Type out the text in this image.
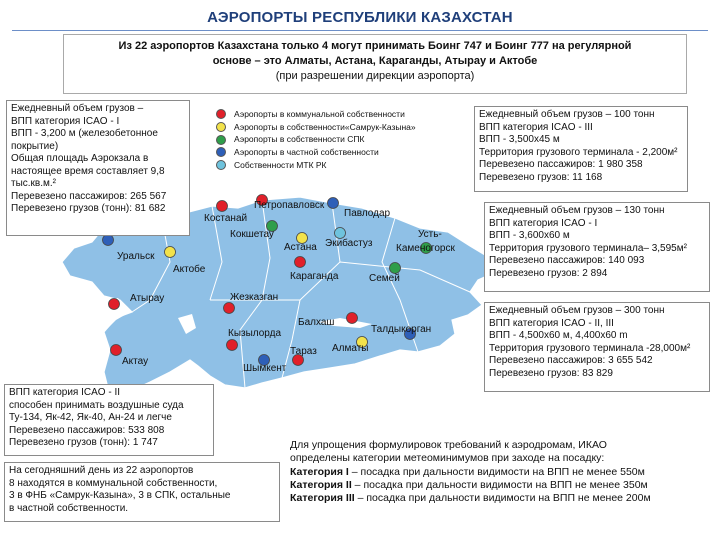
АЭРОПОРТЫ РЕСПУБЛИКИ КАЗАХСТАН
Из 22 аэропортов Казахстана только 4 могут принимать Боинг 747 и Боинг 777 на регулярной
основе – это Алматы, Астана, Караганды, Атырау и Актобе
(при разрешении дирекции аэропорта)
Петропавловск
Костанай
Кокшетау
Павлодар
Экибастуз
Усть-
Каменогорск
Астана
Уральск
Актобе
Караганда	Семей
Атырау	Жезказган
Балхаш
Кызылорда	Талдыкорган
Тараз Алматы
Актау
Шымкент
Аэропорты в коммунальной собственности
Аэропорты в собственности«Самрук-Казына»
Аэропорты в собственности СПК
Аэропорты в частной собственности
Собственности МТК РК
Ежедневный объем грузов –
ВПП категория ICAO - I
ВПП - 3,200 м (железобетонное
покрытие)
Общая площадь Аэрокзала в
настоящее время составляет 9,8
тыс.кв.м.²
Перевезено пассажиров: 265 567
Перевезено грузов (тонн): 81 682
Ежедневный объем грузов – 100 тонн
ВПП категория ICAO - III
ВПП - 3,500x45 м
Территория грузового терминала - 2,200м²
Перевезено пассажиров: 1 980 358
Перевезено грузов: 11 168
Ежедневный объем грузов – 130 тонн
ВПП категория ICAO - I
ВПП - 3,600x60 м
Территория грузового терминала– 3,595м²
Перевезено пассажиров: 140 093
Перевезено грузов: 2 894
Ежедневный объем грузов – 300 тонн
ВПП категория ICAO - II, III
ВПП - 4,500x60 м, 4,400x60 m
Территория грузового терминала -28,000м²
Перевезено пассажиров: 3 655 542
Перевезено грузов: 83 829
ВПП категория ICAO - II
способен принимать воздушные суда
Ту-134, Як-42, Як-40, Ан-24 и легче
Перевезено пассажиров: 533 808
Перевезено грузов (тонн): 1 747
На сегодняшний день из 22 аэропортов
8 находятся в коммунальной собственности,
3 в ФНБ «Самрук-Казына», 3 в СПК, остальные
в частной собственности.
Для упрощения формулировок требований к аэродромам, ИКАО
определены категории метеоминимумов при заходе на посадку:
Категория I – посадка при дальности видимости на ВПП не менее 550м
Категория II – посадка при дальности видимости на ВПП не менее 350м
Категория III – посадка при дальности видимости на ВПП не менее 200м
